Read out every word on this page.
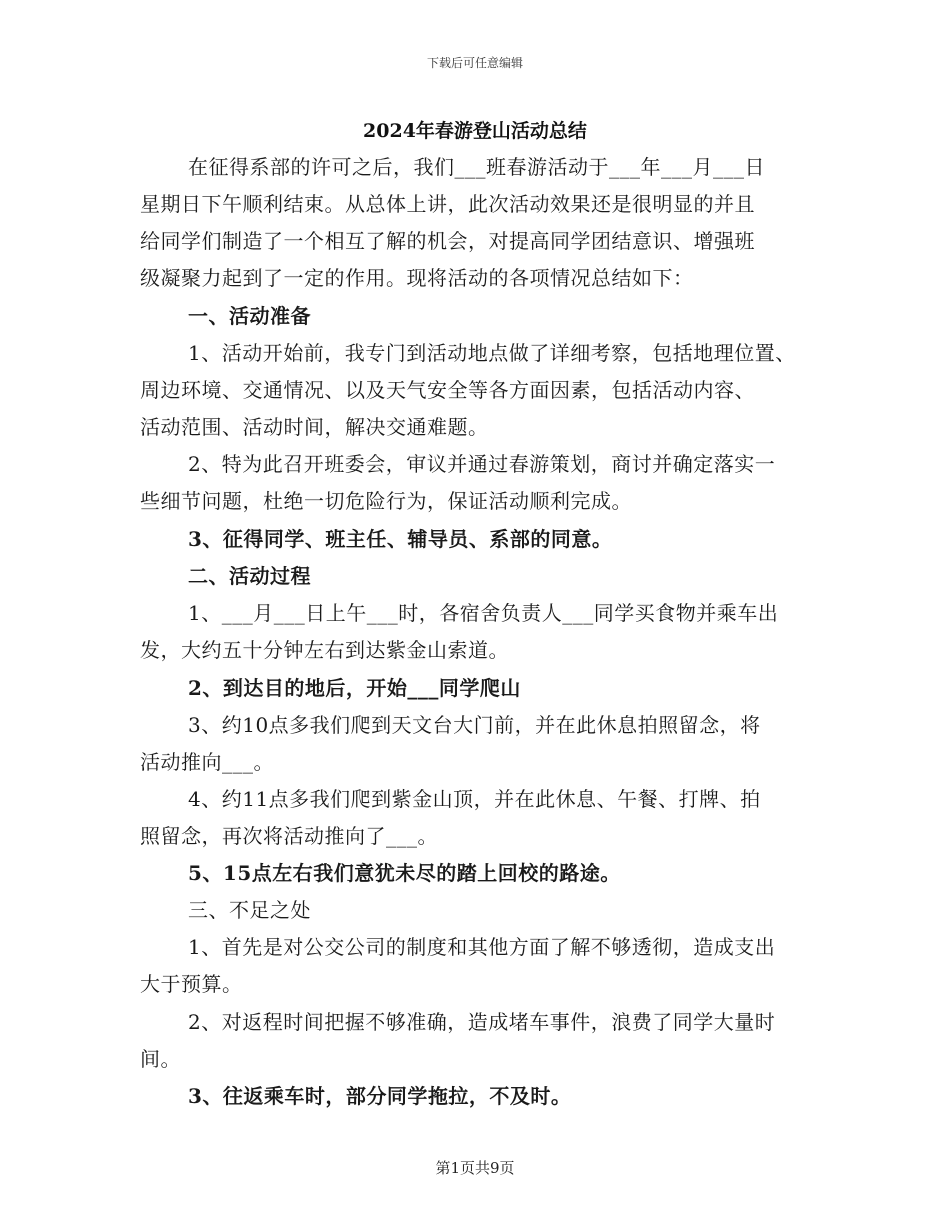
下载后可任意编辑
2024年春游登山活动总结
在征得系部的许可之后，我们___班春游活动于___年___月___日
星期日下午顺利结束。从总体上讲，此次活动效果还是很明显的并且
给同学们制造了一个相互了解的机会，对提高同学团结意识、增强班
级凝聚力起到了一定的作用。现将活动的各项情况总结如下：
一、活动准备
1、活动开始前，我专门到活动地点做了详细考察，包括地理位置、
周边环境、交通情况、以及天气安全等各方面因素，包括活动内容、
活动范围、活动时间，解决交通难题。
2、特为此召开班委会，审议并通过春游策划，商讨并确定落实一
些细节问题，杜绝一切危险行为，保证活动顺利完成。
3、征得同学、班主任、辅导员、系部的同意。
二、活动过程
1、___月___日上午___时，各宿舍负责人___同学买食物并乘车出
发，大约五十分钟左右到达紫金山索道。
2、到达目的地后，开始___同学爬山
3、约10点多我们爬到天文台大门前，并在此休息拍照留念，将
活动推向___。
4、约11点多我们爬到紫金山顶，并在此休息、午餐、打牌、拍
照留念，再次将活动推向了___。
5、15点左右我们意犹未尽的踏上回校的路途。
三、不足之处
1、首先是对公交公司的制度和其他方面了解不够透彻，造成支出
大于预算。
2、对返程时间把握不够准确，造成堵车事件，浪费了同学大量时
间。
3、往返乘车时，部分同学拖拉，不及时。
第1页共9页
